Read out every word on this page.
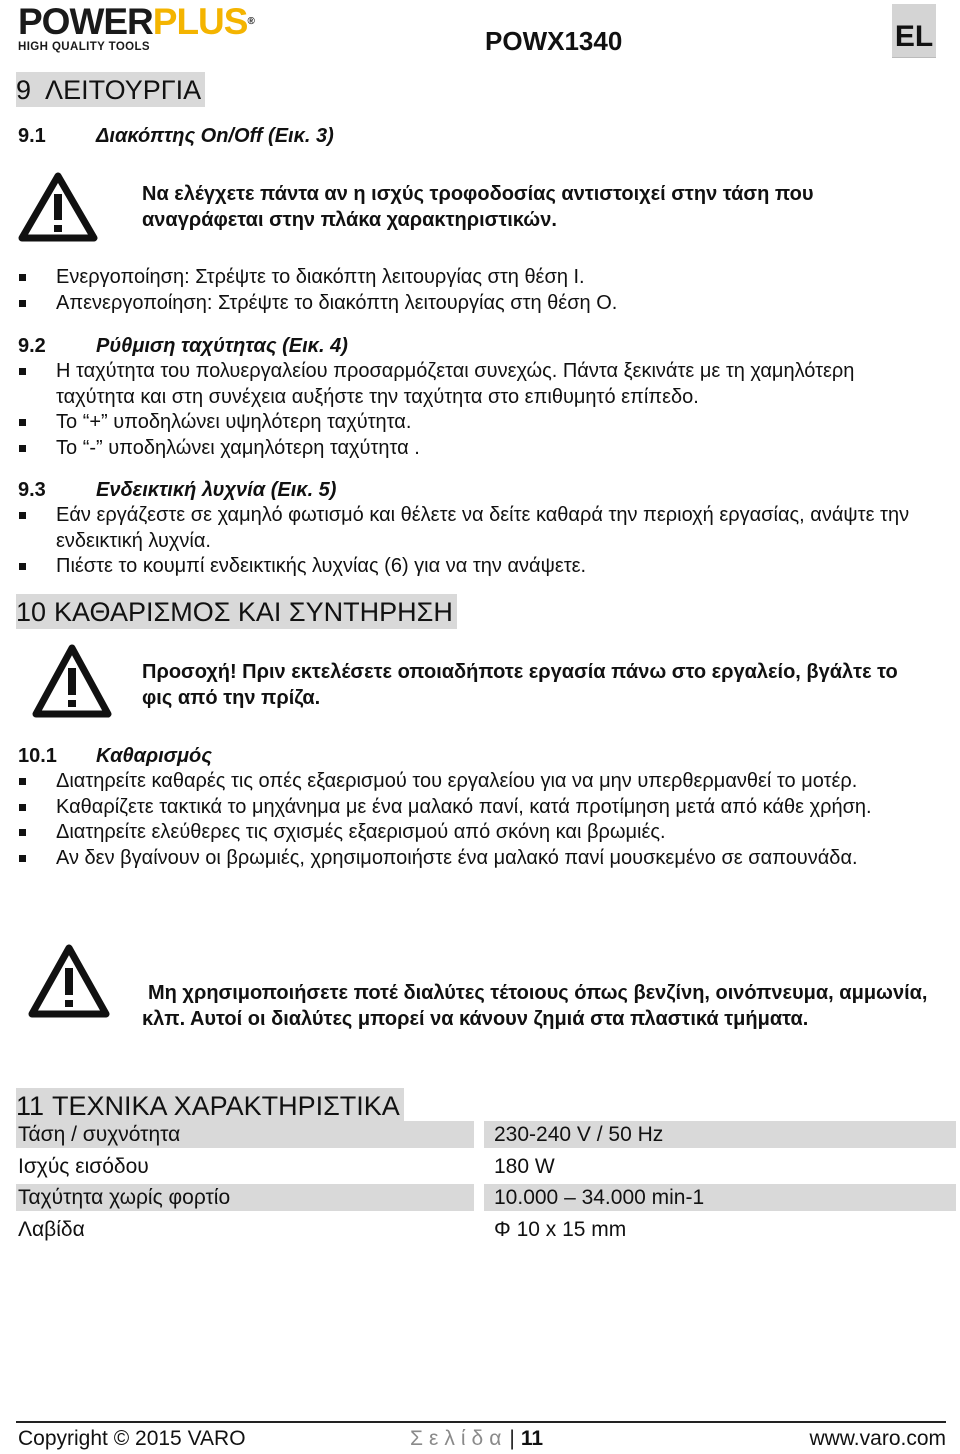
POWERPLUS®
HIGH QUALITY TOOLS	POWX1340	EL
9 ΛΕΙΤΟΥΡΓΙΑ
9.1	Διακόπτης On/Off (Εικ. 3)
Να ελέγχετε πάντα αν η ισχύς τροφοδοσίας αντιστοιχεί στην τάση που αναγράφεται στην πλάκα χαρακτηριστικών.
Ενεργοποίηση: Στρέψτε το διακόπτη λειτουργίας στη θέση I.
Απενεργοποίηση: Στρέψτε το διακόπτη λειτουργίας στη θέση O.
9.2	Ρύθμιση ταχύτητας (Εικ. 4)
Η ταχύτητα του πολυεργαλείου προσαρμόζεται συνεχώς. Πάντα ξεκινάτε με τη χαμηλότερη ταχύτητα και στη συνέχεια αυξήστε την ταχύτητα στο επιθυμητό επίπεδο.
Το “+” υποδηλώνει υψηλότερη ταχύτητα.
Το “-” υποδηλώνει χαμηλότερη ταχύτητα .
9.3	Ενδεικτική λυχνία (Εικ. 5)
Εάν εργάζεστε σε χαμηλό φωτισμό και θέλετε να δείτε καθαρά την περιοχή εργασίας, ανάψτε την ενδεικτική λυχνία.
Πιέστε το κουμπί ενδεικτικής λυχνίας (6) για να την ανάψετε.
10 ΚΑΘΑΡΙΣΜΟΣ ΚΑΙ ΣΥΝΤΗΡΗΣΗ
Προσοχή! Πριν εκτελέσετε οποιαδήποτε εργασία πάνω στο εργαλείο, βγάλτε το φις από την πρίζα.
10.1 Καθαρισμός
Διατηρείτε καθαρές τις οπές εξαερισμού του εργαλείου για να μην υπερθερμανθεί το μοτέρ.
Καθαρίζετε τακτικά το μηχάνημα με ένα μαλακό πανί, κατά προτίμηση μετά από κάθε χρήση.
Διατηρείτε ελεύθερες τις σχισμές εξαερισμού από σκόνη και βρωμιές.
Αν δεν βγαίνουν οι βρωμιές, χρησιμοποιήστε ένα μαλακό πανί μουσκεμένο σε σαπουνάδα.
Μη χρησιμοποιήσετε ποτέ διαλύτες τέτοιους όπως βενζίνη, οινόπνευμα, αμμωνία, κλπ. Αυτοί οι διαλύτες μπορεί να κάνουν ζημιά στα πλαστικά τμήματα.
11 ΤΕΧΝΙΚΑ ΧΑΡΑΚΤΗΡΙΣΤΙΚΑ
Τάση / συχνότητα	230-240 V / 50 Hz
Ισχύς εισόδου	180 W
Ταχύτητα χωρίς φορτίο	10.000 – 34.000 min-1
Λαβίδα	Φ 10 x 15 mm
Copyright © 2015 VARO	Σελίδα| 11	www.varo.com
